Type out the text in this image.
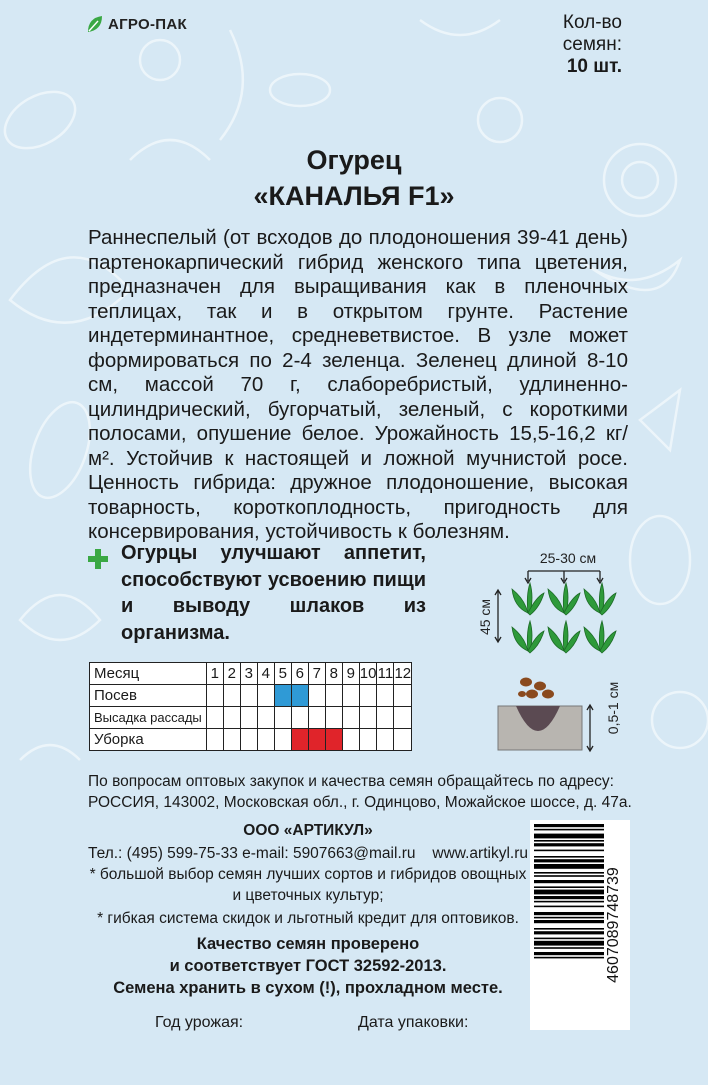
АГРО-ПАК	Кол-во
семян:
10 шт.
Огурец
«КАНАЛЬЯ F1»
Раннеспелый (от всходов до плодоношения 39-41 день) партенокарпический гибрид женского типа цветения, предназначен для выращивания как в пленочных теплицах, так и в открытом грунте. Растение индетерминантное, средневетвистое. В узле может формироваться по 2-4 зеленца. Зеленец длиной 8-10 см, массой 70 г, слаборебристый, удлиненно-цилиндрический, бугорчатый, зеленый, с короткими полосами, опушение белое. Урожайность 15,5-16,2 кг/м². Устойчив к настоящей и ложной мучнистой росе. Ценность гибрида: дружное плодоношение, высокая товарность, короткоплодность, пригодность для консервирования, устойчивость к болезням.
Огурцы улучшают аппетит, способствуют усвоению пищи и выводу шлаков из организма.
25-30 см
45 см
Месяц	1	2	3	4	5	6	7	8	9	10	11	12
Посев												
Высадка рассады												
Уборка												
0,5-1 см
По вопросам оптовых закупок и качества семян обращайтесь по адресу:
РОССИЯ, 143002, Московская обл., г. Одинцово, Можайское шоссе, д. 47а.
ООО «АРТИКУЛ»
Тел.: (495) 599-75-33 e-mail: 5907663@mail.ru www.artikyl.ru
* большой выбор семян лучших сортов и гибридов овощных
и цветочных культур;
* гибкая система скидок и льготный кредит для оптовиков.
Качество семян проверено
и соответствует ГОСТ 32592-2013.
Семена хранить в сухом (!), прохладном месте.
Год урожая:	Дата упаковки:
4607089748739
